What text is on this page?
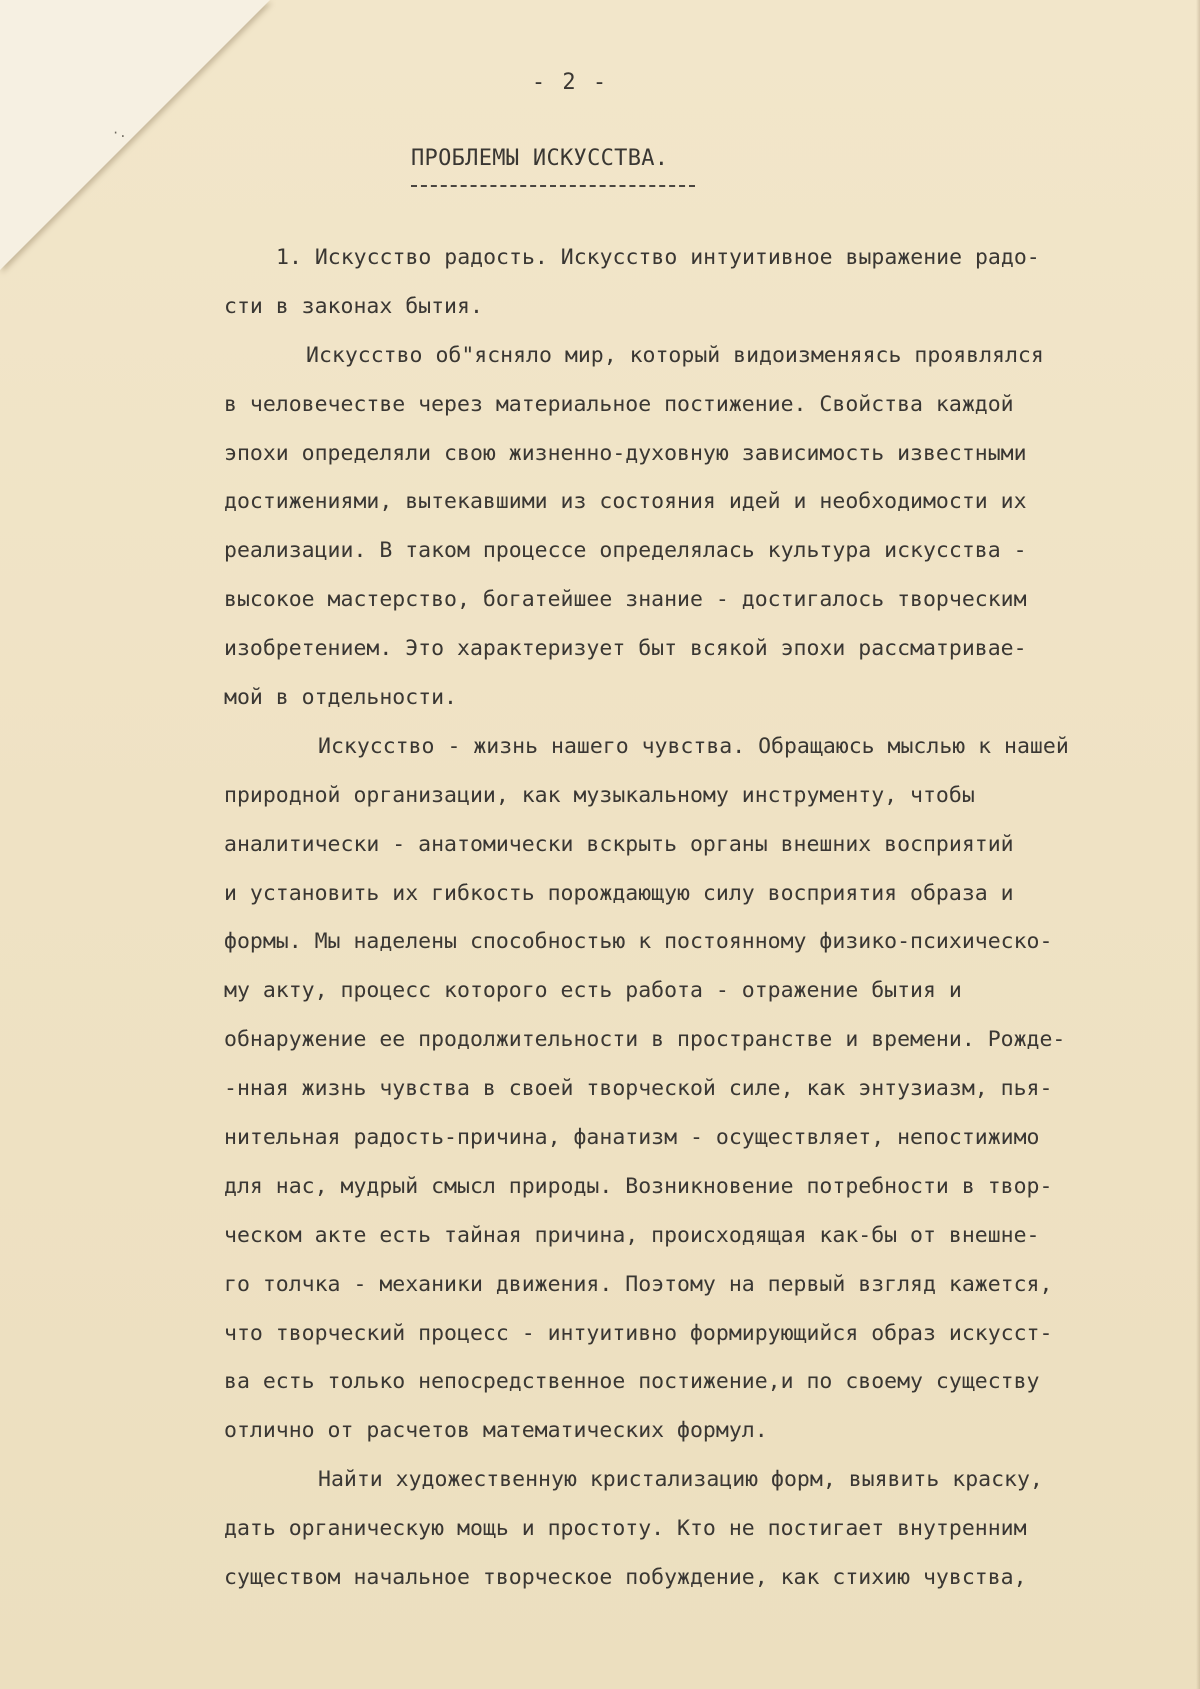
·.
- 2 -
ПРОБЛЕМЫ ИСКУССТВА.
1. Искусство радость. Искусство интуитивное выражение радо-
сти в законах бытия.
Искусство об"ясняло мир, который видоизменяясь проявлялся
в человечестве через материальное постижение. Свойства каждой
эпохи определяли свою жизненно-духовную зависимость известными
достижениями, вытекавшими из состояния идей и необходимости их
реализации. В таком процессе определялась культура искусства -
высокое мастерство, богатейшее знание - достигалось творческим
изобретением. Это характеризует быт всякой эпохи рассматривае-
мой в отдельности.
Искусство - жизнь нашего чувства. Обращаюсь мыслью к нашей
природной организации, как музыкальному инструменту, чтобы
аналитически - анатомически вскрыть органы внешних восприятий
и установить их гибкость порождающую силу восприятия образа и
формы. Мы наделены способностью к постоянному физико-психическо-
му акту, процесс которого есть работа - отражение бытия и
обнаружение ее продолжительности в пространстве и времени. Рожде-
-нная жизнь чувства в своей творческой силе, как энтузиазм, пья-
нительная радость-причина, фанатизм - осуществляет, непостижимо
для нас, мудрый смысл природы. Возникновение потребности в твор-
ческом акте есть тайная причина, происходящая как-бы от внешне-
го толчка - механики движения. Поэтому на первый взгляд кажется,
что творческий процесс - интуитивно формирующийся образ искусст-
ва есть только непосредственное постижение,и по своему существу
отлично от расчетов математических формул.
Найти художественную кристализацию форм, выявить краску,
дать органическую мощь и простоту. Кто не постигает внутренним
существом начальное творческое побуждение, как стихию чувства,
